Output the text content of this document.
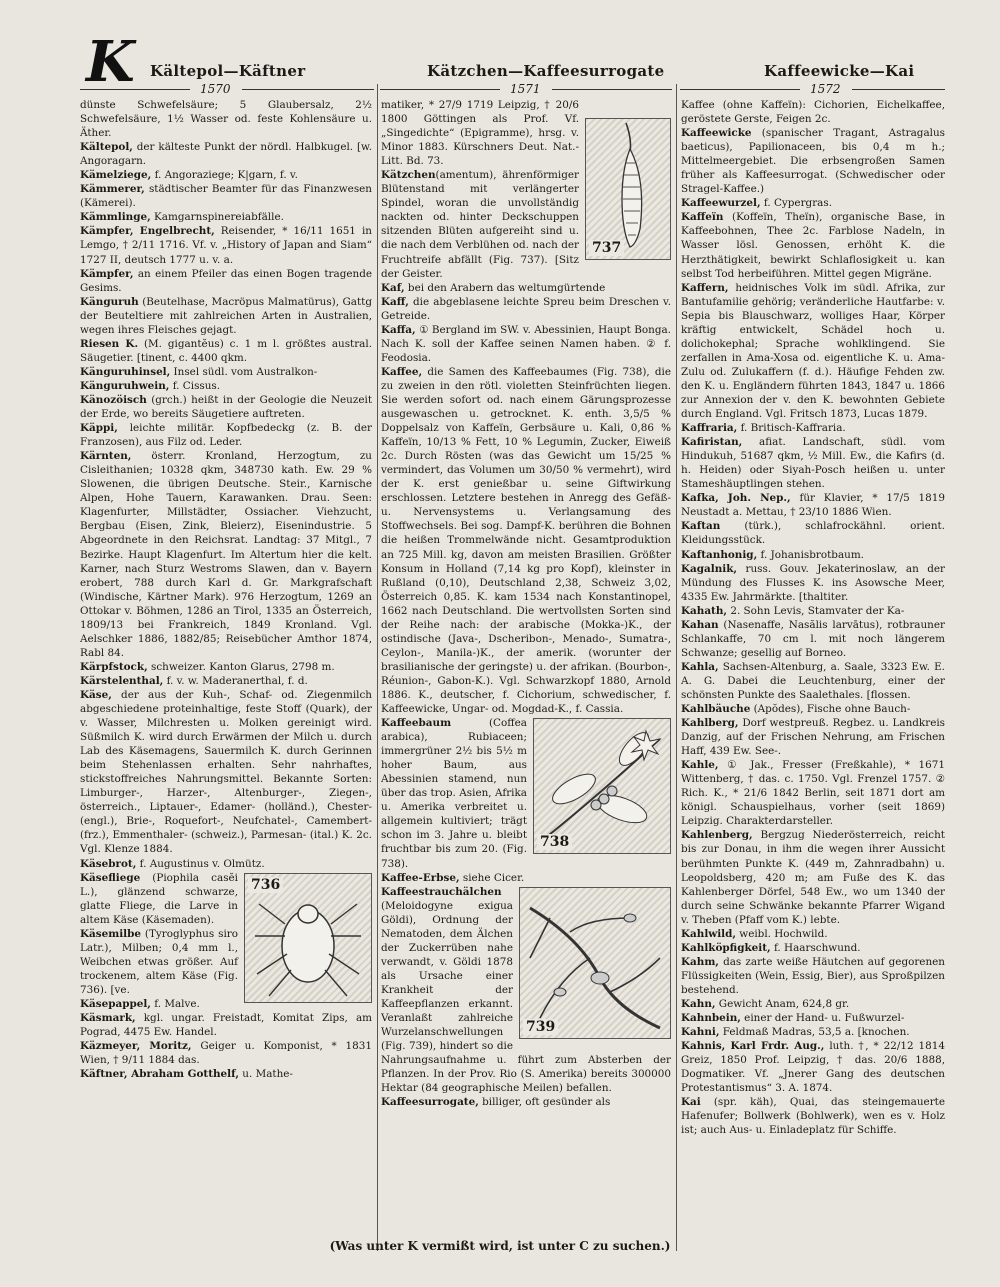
K Kältepol—Käftner	Kätzchen—Kaffeesurrogate	Kaffeewicke—Kai
1570	1571	1572

dünste Schwefelsäure; 5 Glaubersalz, 2½ Schwefelsäure, 1½ Wasser od. feste Kohlensäure u. Äther.

Kältepol, der kälteste Punkt der nördl. Halbkugel. [w. Angoragarn.

Kämelziege, f. Angoraziege; K|garn, f. v.

Kämmerer, städtischer Beamter für das Finanzwesen (Kämerei).

Kämmlinge, Kamgarnspinereiabfälle.

Kämpfer, Engelbrecht, Reisender, * 16/11 1651 in Lemgo, † 2/11 1716. Vf. v. „History of Japan and Siam“ 1727 II, deutsch 1777 u. v. a.

Kämpfer, an einem Pfeiler das einen Bogen tragende Gesims.

Känguruh (Beutelhase, Macröpus Malmatürus), Gattg der Beuteltiere mit zahlreichen Arten in Australien, wegen ihres Fleisches gejagt.

Riesen K. (M. gigantĕus) c. 1 m l. größtes austral. Säugetier. [tinent, c. 4400 qkm.

Känguruhinsel, Insel südl. vom Australkon-

Känguruhwein, f. Cissus.

Känozöisch (grch.) heißt in der Geologie die Neuzeit der Erde, wo bereits Säugetiere auftreten.

Käppi, leichte militär. Kopfbedeckg (z. B. der Franzosen), aus Filz od. Leder.

Kärnten, österr. Kronland, Herzogtum, zu Cisleithanien; 10328 qkm, 348730 kath. Ew. 29 % Slowenen, die übrigen Deutsche. Steir., Karnische Alpen, Hohe Tauern, Karawanken. Drau. Seen: Klagenfurter, Millstädter, Ossiacher. Viehzucht, Bergbau (Eisen, Zink, Bleierz), Eisenindustrie. 5 Abgeordnete in den Reichsrat. Landtag: 37 Mitgl., 7 Bezirke. Haupt Klagenfurt. Im Altertum hier die kelt. Karner, nach Sturz Westroms Slawen, dan v. Bayern erobert, 788 durch Karl d. Gr. Markgrafschaft (Windische, Kärtner Mark). 976 Herzogtum, 1269 an Ottokar v. Böhmen, 1286 an Tirol, 1335 an Österreich, 1809/13 bei Frankreich, 1849 Kronland. Vgl. Aelschker 1886, 1882/85; Reisebücher Amthor 1874, Rabl 84.

Kärpfstock, schweizer. Kanton Glarus, 2798 m.

Kärstelenthal, f. v. w. Maderanerthal, f. d.

Käse, der aus der Kuh-, Schaf- od. Ziegenmilch abgeschiedene proteinhaltige, feste Stoff (Quark), der v. Wasser, Milchresten u. Molken gereinigt wird. Süßmilch K. wird durch Erwärmen der Milch u. durch Lab des Käsemagens, Sauermilch K. durch Gerinnen beim Stehenlassen erhalten. Sehr nahrhaftes, stickstoffreiches Nahrungsmittel. Bekannte Sorten: Limburger-, Harzer-, Altenburger-, Ziegen-, österreich., Liptauer-, Edamer- (holländ.), Chester- (engl.), Brie-, Roquefort-, Neufchatel-, Camembert- (frz.), Emmenthaler- (schweiz.), Parmesan- (ital.) K. 2c. Vgl. Klenze 1884.

Käsebrot, f. Augustinus v. Olmütz.

736

Käsefliege (Piophila casĕi L.), glänzend schwarze, glatte Fliege, die Larve in altem Käse (Käsemaden).

Käsemilbe (Tyroglyphus siro Latr.), Milben; 0,4 mm l., Weibchen etwas größer. Auf trockenem, altem Käse (Fig. 736). [ve.

Käsepappel, f. Malve.

Käsmark, kgl. ungar. Freistadt, Komitat Zips, am Pograd, 4475 Ew. Handel.

Käzmeyer, Moritz, Geiger u. Komponist, * 1831 Wien, † 9/11 1884 das.

Käftner, Abraham Gotthelf, u. Mathe-

737

matiker, * 27/9 1719 Leipzig, † 20/6 1800 Göttingen als Prof. Vf. „Singedichte“ (Epigramme), hrsg. v. Minor 1883. Kürschners Deut. Nat.-Litt. Bd. 73.

Kätzchen(amentum), ährenförmiger Blütenstand mit verlängerter Spindel, woran die unvollständig nackten od. hinter Deckschuppen sitzenden Blüten aufgereiht sind u. die nach dem Verblühen od. nach der Fruchtreife abfällt (Fig. 737). [Sitz der Geister.

Kaf, bei den Arabern das weltumgürtende

Kaff, die abgeblasene leichte Spreu beim Dreschen v. Getreide.

Kaffa, ① Bergland im SW. v. Abessinien, Haupt Bonga. Nach K. soll der Kaffee seinen Namen haben. ② f. Feodosia.

Kaffee, die Samen des Kaffeebaumes (Fig. 738), die zu zweien in den rötl. violetten Steinfrüchten liegen. Sie werden sofort od. nach einem Gärungsprozesse ausgewaschen u. getrocknet. K. enth. 3,5/5 % Doppelsalz von Kaffeïn, Gerbsäure u. Kali, 0,86 % Kaffeïn, 10/13 % Fett, 10 % Legumin, Zucker, Eiweiß 2c. Durch Rösten (was das Gewicht um 15/25 % vermindert, das Volumen um 30/50 % vermehrt), wird der K. erst genießbar u. seine Giftwirkung erschlossen. Letztere bestehen in Anregg des Gefäß- u. Nervensystems u. Verlangsamung des Stoffwechsels. Bei sog. Dampf-K. berühren die Bohnen die heißen Trommelwände nicht. Gesamtproduktion an 725 Mill. kg, davon am meisten Brasilien. Größter Konsum in Holland (7,14 kg pro Kopf), kleinster in Rußland (0,10), Deutschland 2,38, Schweiz 3,02, Österreich 0,85. K. kam 1534 nach Konstantinopel, 1662 nach Deutschland. Die wertvollsten Sorten sind der Reihe nach: der arabische (Mokka-)K., der ostindische (Java-, Dscheribon-, Menado-, Sumatra-, Ceylon-, Manila-)K., der amerik. (worunter der brasilianische der geringste) u. der afrikan. (Bourbon-, Réunion-, Gabon-K.). Vgl. Schwarzkopf 1880, Arnold 1886. K., deutscher, f. Cichorium, schwedischer, f. Kaffeewicke, Ungar- od. Mogdad-K., f. Cassia.

738

Kaffeebaum (Coffea arabica), Rubiaceen; immergrüner 2½ bis 5½ m hoher Baum, aus Abessinien stamend, nun über das trop. Asien, Afrika u. Amerika verbreitet u. allgemein kultiviert; trägt schon im 3. Jahre u. bleibt fruchtbar bis zum 20. (Fig. 738).

Kaffee-Erbse, siehe Cicer.

739

Kaffeestrauchälchen (Meloidogyne exigua Göldi), Ordnung der Nematoden, dem Älchen der Zuckerrüben nahe verwandt, v. Göldi 1878 als Ursache einer Krankheit der Kaffeepflanzen erkannt. Veranlaßt zahlreiche Wurzelanschwellungen (Fig. 739), hindert so die Nahrungsaufnahme u. führt zum Absterben der Pflanzen. In der Prov. Rio (S. Amerika) bereits 300000 Hektar (84 geographische Meilen) befallen.

Kaffeesurrogate, billiger, oft gesünder als

Kaffee (ohne Kaffeïn): Cichorien, Eichelkaffee, geröstete Gerste, Feigen 2c.

Kaffeewicke (spanischer Tragant, Astragalus baeticus), Papilionaceen, bis 0,4 m h.; Mittelmeergebiet. Die erbsengroßen Samen früher als Kaffeesurrogat. (Schwedischer oder Stragel-Kaffee.)

Kaffeewurzel, f. Cypergras.

Kaffeïn (Koffeïn, Theïn), organische Base, in Kaffeebohnen, Thee 2c. Farblose Nadeln, in Wasser lösl. Genossen, erhöht K. die Herzthätigkeit, bewirkt Schlaflosigkeit u. kan selbst Tod herbeiführen. Mittel gegen Migräne.

Kaffern, heidnisches Volk im südl. Afrika, zur Bantufamilie gehörig; veränderliche Hautfarbe: v. Sepia bis Blauschwarz, wolliges Haar, Körper kräftig entwickelt, Schädel hoch u. dolichokephal; Sprache wohlklingend. Sie zerfallen in Ama-Xosa od. eigentliche K. u. Ama-Zulu od. Zulukaffern (f. d.). Häufige Fehden zw. den K. u. Engländern führten 1843, 1847 u. 1866 zur Annexion der v. den K. bewohnten Gebiete durch England. Vgl. Fritsch 1873, Lucas 1879.

Kaffraria, f. Britisch-Kaffraria.

Kafiristan, afiat. Landschaft, südl. vom Hindukuh, 51687 qkm, ½ Mill. Ew., die Kafirs (d. h. Heiden) oder Siyah-Posch heißen u. unter Stameshäuptlingen stehen.

Kafka, Joh. Nep., für Klavier, * 17/5 1819 Neustadt a. Mettau, † 23/10 1886 Wien.

Kaftan (türk.), schlafrockähnl. orient. Kleidungsstück.

Kaftanhonig, f. Johanisbrotbaum.

Kagalnik, russ. Gouv. Jekaterinoslaw, an der Mündung des Flusses K. ins Asowsche Meer, 4335 Ew. Jahrmärkte. [thaltiter.

Kahath, 2. Sohn Levis, Stamvater der Ka-

Kahan (Nasenaffe, Nasălis larvātus), rotbrauner Schlankaffe, 70 cm l. mit noch längerem Schwanze; gesellig auf Borneo.

Kahla, Sachsen-Altenburg, a. Saale, 3323 Ew. E. A. G. Dabei die Leuchtenburg, einer der schönsten Punkte des Saalethales. [flossen.

Kahlbäuche (Apŏdes), Fische ohne Bauch-

Kahlberg, Dorf westpreuß. Regbez. u. Landkreis Danzig, auf der Frischen Nehrung, am Frischen Haff, 439 Ew. See-.

Kahle, ① Jak., Fresser (Freßkahle), * 1671 Wittenberg, † das. c. 1750. Vgl. Frenzel 1757. ② Rich. K., * 21/6 1842 Berlin, seit 1871 dort am königl. Schauspielhaus, vorher (seit 1869) Leipzig. Charakterdarsteller.

Kahlenberg, Bergzug Niederösterreich, reicht bis zur Donau, in ihm die wegen ihrer Aussicht berühmten Punkte K. (449 m, Zahnradbahn) u. Leopoldsberg, 420 m; am Fuße des K. das Kahlenberger Dörfel, 548 Ew., wo um 1340 der durch seine Schwänke bekannte Pfarrer Wigand v. Theben (Pfaff vom K.) lebte.

Kahlwild, weibl. Hochwild.

Kahlköpfigkeit, f. Haarschwund.

Kahm, das zarte weiße Häutchen auf gegorenen Flüssigkeiten (Wein, Essig, Bier), aus Sproßpilzen bestehend.

Kahn, Gewicht Anam, 624,8 gr.

Kahnbein, einer der Hand- u. Fußwurzel-

Kahni, Feldmaß Madras, 53,5 a. [knochen.

Kahnis, Karl Frdr. Aug., luth. †, * 22/12 1814 Greiz, 1850 Prof. Leipzig, † das. 20/6 1888, Dogmatiker. Vf. „Jnerer Gang des deutschen Protestantismus“ 3. A. 1874.

Kai (spr. käh), Quai, das steingemauerte Hafenufer; Bollwerk (Bohlwerk), wen es v. Holz ist; auch Aus- u. Einladeplatz für Schiffe.

(Was unter K vermißt wird, ist unter C zu suchen.)
